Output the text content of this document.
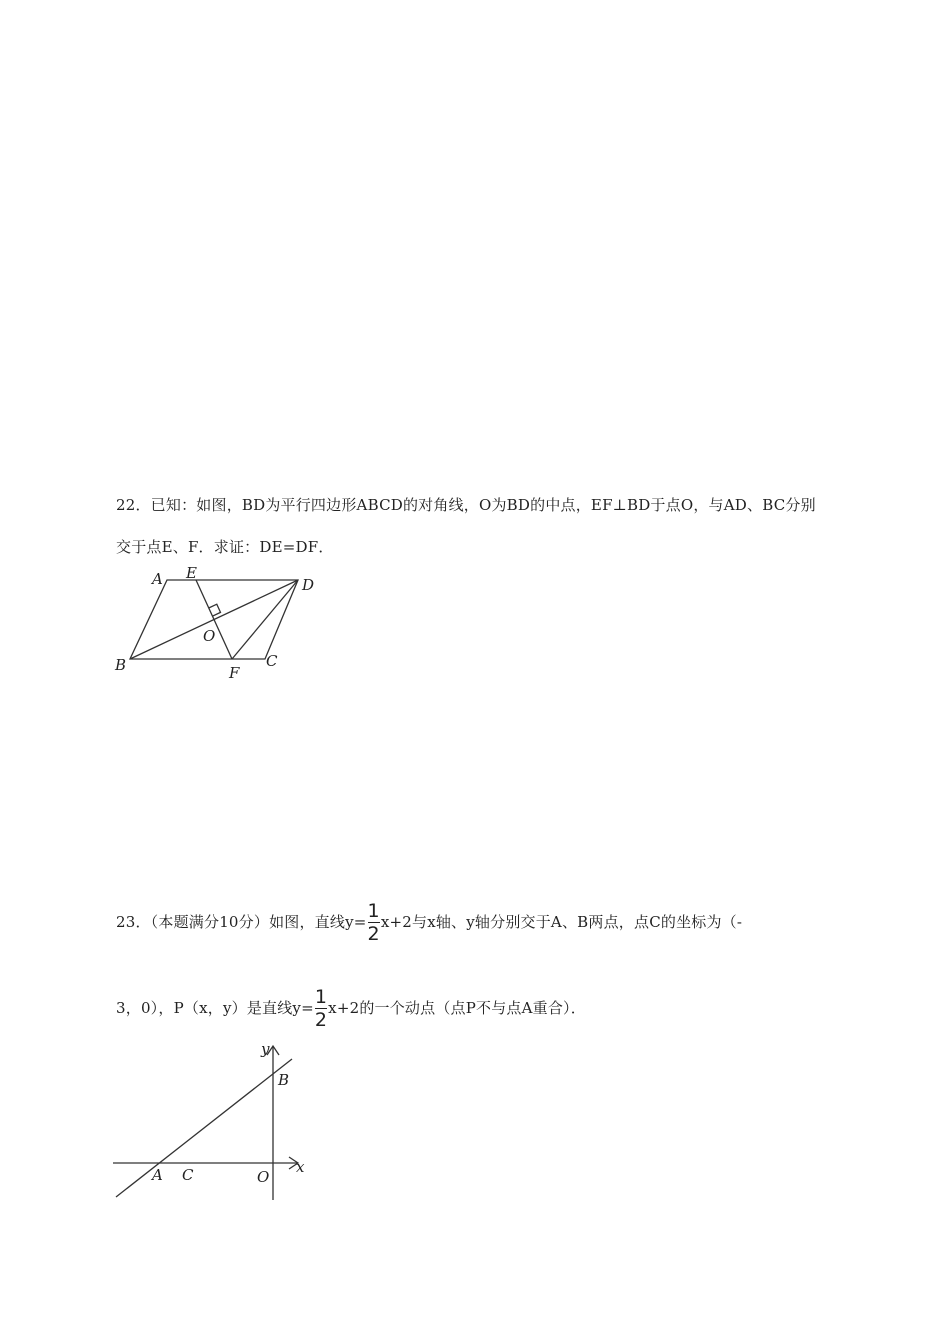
22．已知：如图，BD为平行四边形ABCD的对角线，O为BD的中点，EF⊥BD于点O，与AD、BC分别
交于点E、F．求证：DE=DF．
A E
D
O
B	F
C
23．（本题满分10分）如图，直线$y= \frac{1}{2} x+2$与x轴、y轴分别交于A、B两点，点C的坐标为（-
3，0），P（x，y）是直线$y= \frac{1}{2} x+2$的一个动点（点P不与点A重合）．
y
B
x
A C	O
